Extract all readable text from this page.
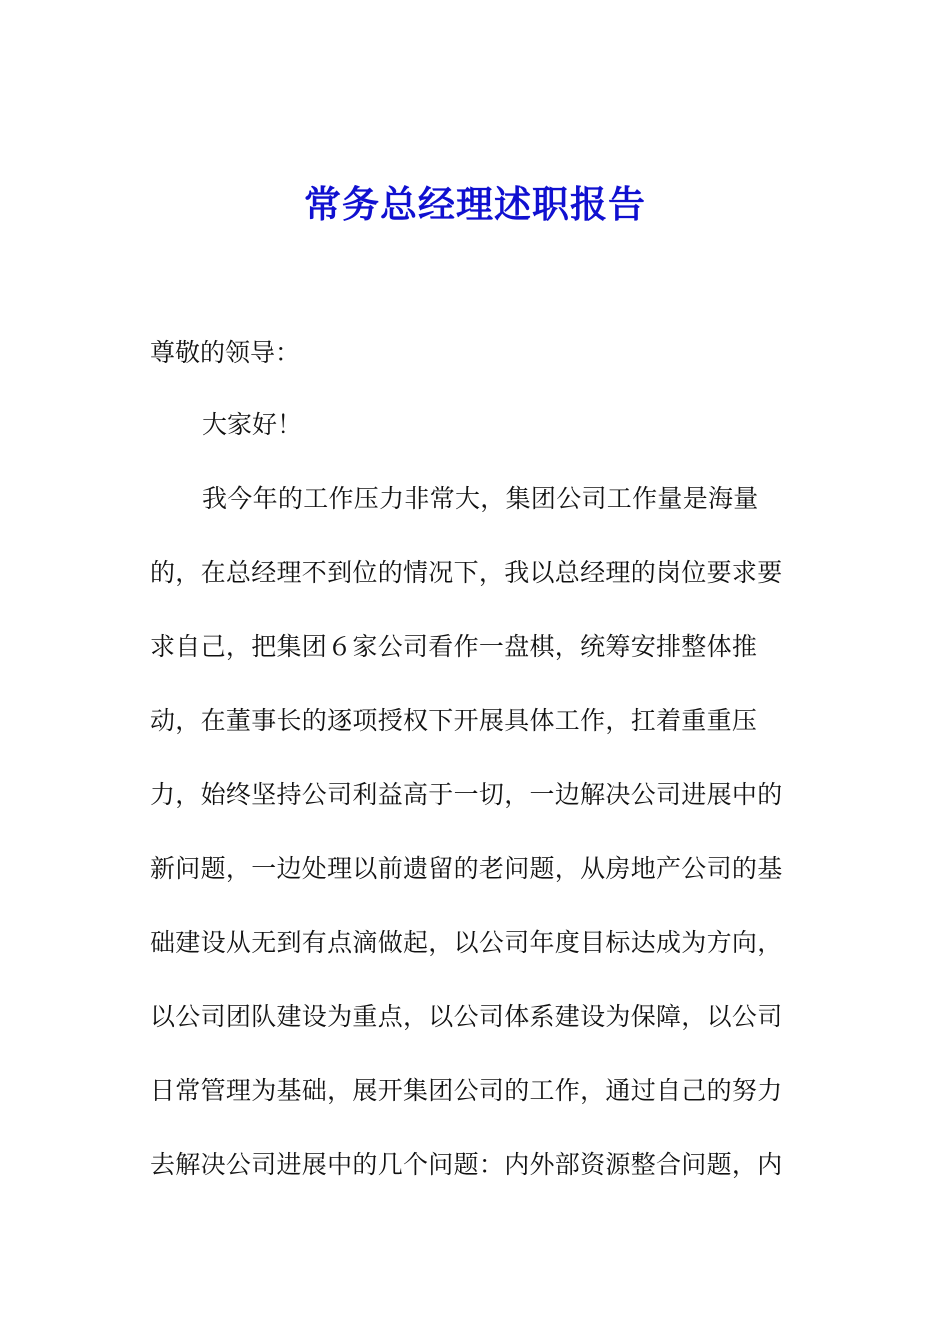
常务总经理述职报告
尊敬的领导：
大家好！
我今年的工作压力非常大，集团公司工作量是海量
的，在总经理不到位的情况下，我以总经理的岗位要求要
求自己，把集团６家公司看作一盘棋，统筹安排整体推
动，在董事长的逐项授权下开展具体工作，扛着重重压
力，始终坚持公司利益高于一切，一边解决公司进展中的
新问题，一边处理以前遗留的老问题，从房地产公司的基
础建设从无到有点滴做起，以公司年度目标达成为方向，
以公司团队建设为重点，以公司体系建设为保障，以公司
日常管理为基础，展开集团公司的工作，通过自己的努力
去解决公司进展中的几个问题：内外部资源整合问题，内
